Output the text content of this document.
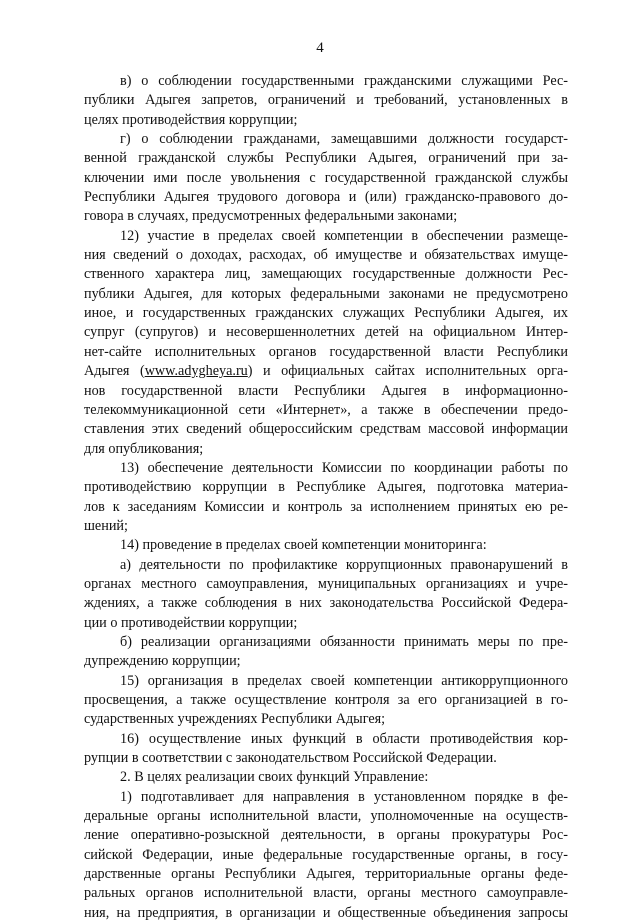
4
в) о соблюдении государственными гражданскими служащими Рес-
публики Адыгея запретов, ограничений и требований, установленных в
целях противодействия коррупции;
г) о соблюдении гражданами, замещавшими должности государст-
венной гражданской службы Республики Адыгея, ограничений при за-
ключении ими после увольнения с государственной гражданской службы
Республики Адыгея трудового договора и (или) гражданско-правового до-
говора в случаях, предусмотренных федеральными законами;
12) участие в пределах своей компетенции в обеспечении размеще-
ния сведений о доходах, расходах, об имуществе и обязательствах имуще-
ственного характера лиц, замещающих государственные должности Рес-
публики Адыгея, для которых федеральными законами не предусмотрено
иное, и государственных гражданских служащих Республики Адыгея, их
супруг (супругов) и несовершеннолетних детей на официальном Интер-
нет-сайте исполнительных органов государственной власти Республики
Адыгея (www.adygheya.ru) и официальных сайтах исполнительных орга-
нов государственной власти Республики Адыгея в информационно-
телекоммуникационной сети «Интернет», а также в обеспечении предо-
ставления этих сведений общероссийским средствам массовой информации
для опубликования;
13) обеспечение деятельности Комиссии по координации работы по
противодействию коррупции в Республике Адыгея, подготовка материа-
лов к заседаниям Комиссии и контроль за исполнением принятых ею ре-
шений;
14) проведение в пределах своей компетенции мониторинга:
а) деятельности по профилактике коррупционных правонарушений в
органах местного самоуправления, муниципальных организациях и учре-
ждениях, а также соблюдения в них законодательства Российской Федера-
ции о противодействии коррупции;
б) реализации организациями обязанности принимать меры по пре-
дупреждению коррупции;
15) организация в пределах своей компетенции антикоррупционного
просвещения, а также осуществление контроля за его организацией в го-
сударственных учреждениях Республики Адыгея;
16) осуществление иных функций в области противодействия кор-
рупции в соответствии с законодательством Российской Федерации.
2. В целях реализации своих функций Управление:
1) подготавливает для направления в установленном порядке в фе-
деральные органы исполнительной власти, уполномоченные на осуществ-
ление оперативно-розыскной деятельности, в органы прокуратуры Рос-
сийской Федерации, иные федеральные государственные органы, в госу-
дарственные органы Республики Адыгея, территориальные органы феде-
ральных органов исполнительной власти, органы местного самоуправле-
ния, на предприятия, в организации и общественные объединения запросы
